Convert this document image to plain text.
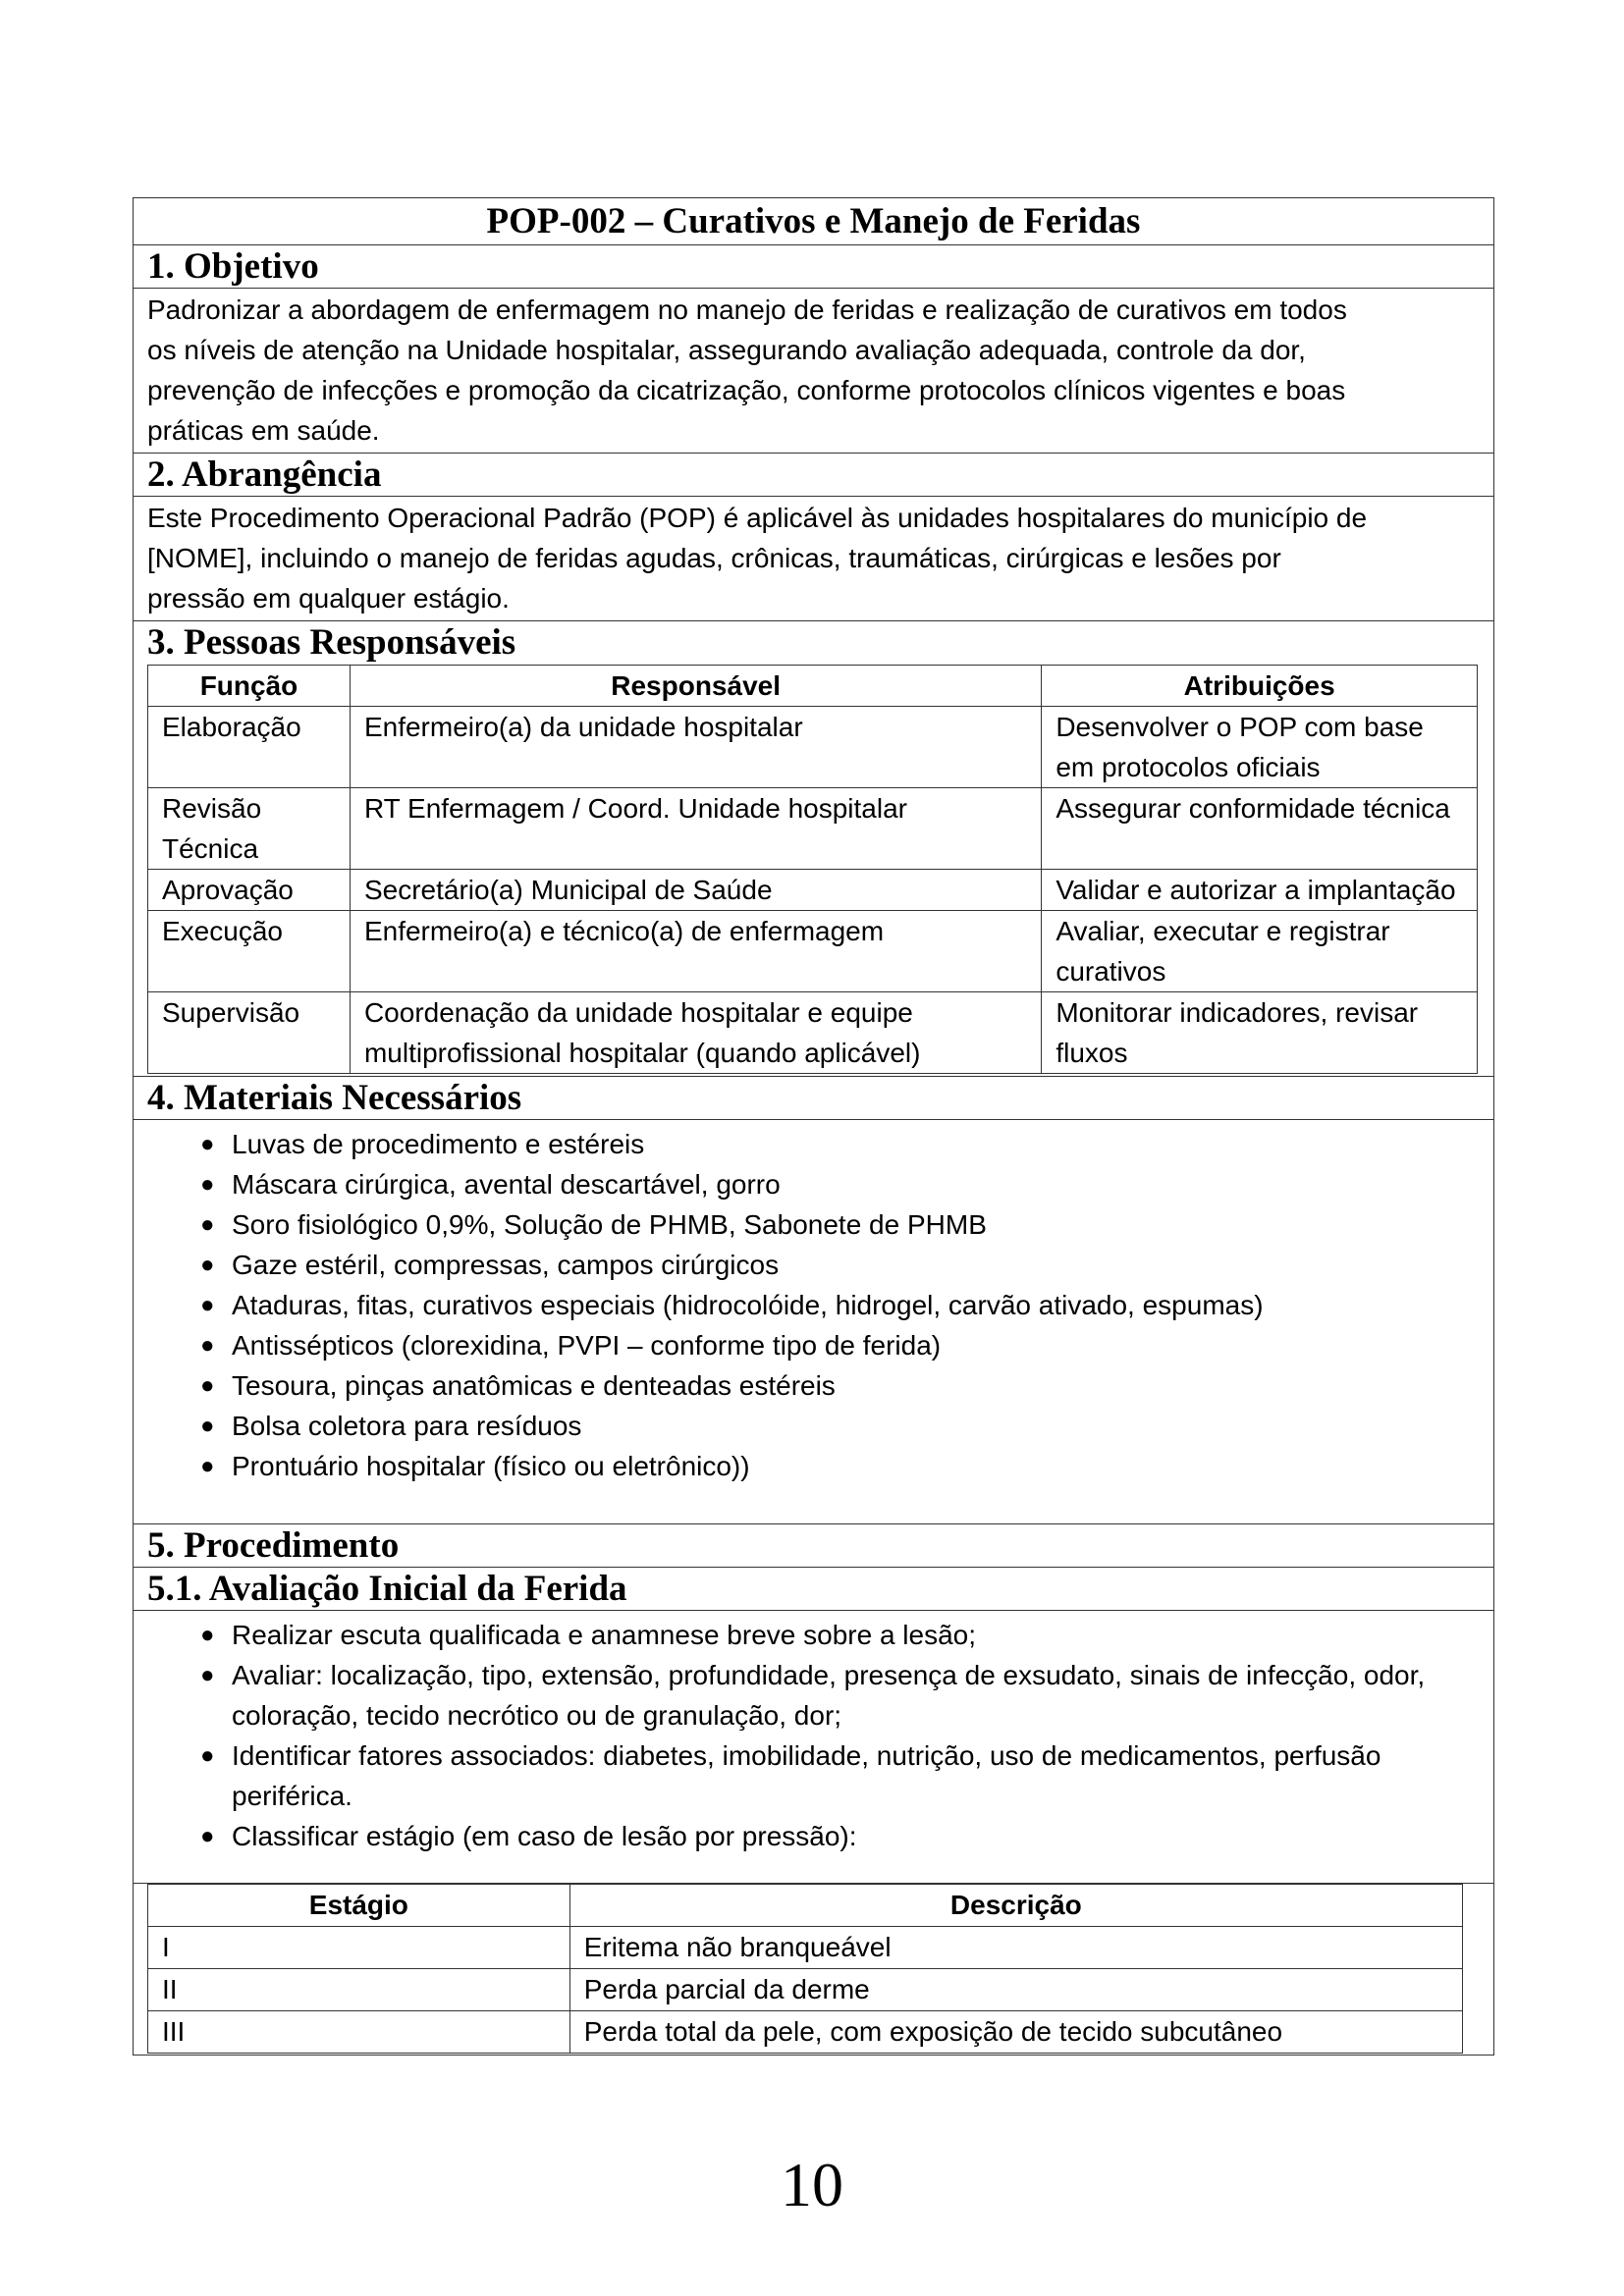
POP-002 – Curativos e Manejo de Feridas
1. Objetivo
Padronizar a abordagem de enfermagem no manejo de feridas e realização de curativos em todos
os níveis de atenção na Unidade hospitalar, assegurando avaliação adequada, controle da dor,
prevenção de infecções e promoção da cicatrização, conforme protocolos clínicos vigentes e boas
práticas em saúde.
2. Abrangência
Este Procedimento Operacional Padrão (POP) é aplicável às unidades hospitalares do município de
[NOME], incluindo o manejo de feridas agudas, crônicas, traumáticas, cirúrgicas e lesões por
pressão em qualquer estágio.
3. Pessoas Responsáveis
Função	Responsável	Atribuições
Elaboração	Enfermeiro(a) da unidade hospitalar	Desenvolver o POP com base em protocolos oficiais
Revisão Técnica	RT Enfermagem / Coord. Unidade hospitalar	Assegurar conformidade técnica
Aprovação	Secretário(a) Municipal de Saúde	Validar e autorizar a implantação
Execução	Enfermeiro(a) e técnico(a) de enfermagem	Avaliar, executar e registrar curativos
Supervisão	Coordenação da unidade hospitalar e equipe multiprofissional hospitalar (quando aplicável)	Monitorar indicadores, revisar fluxos
4. Materiais Necessários
● Luvas de procedimento e estéreis
● Máscara cirúrgica, avental descartável, gorro
● Soro fisiológico 0,9%, Solução de PHMB, Sabonete de PHMB
● Gaze estéril, compressas, campos cirúrgicos
● Ataduras, fitas, curativos especiais (hidrocolóide, hidrogel, carvão ativado, espumas)
● Antissépticos (clorexidina, PVPI – conforme tipo de ferida)
● Tesoura, pinças anatômicas e denteadas estéreis
● Bolsa coletora para resíduos
● Prontuário hospitalar (físico ou eletrônico))
5. Procedimento
5.1. Avaliação Inicial da Ferida
● Realizar escuta qualificada e anamnese breve sobre a lesão;
● Avaliar: localização, tipo, extensão, profundidade, presença de exsudato, sinais de infecção, odor, coloração, tecido necrótico ou de granulação, dor;
● Identificar fatores associados: diabetes, imobilidade, nutrição, uso de medicamentos, perfusão periférica.
● Classificar estágio (em caso de lesão por pressão):
Estágio	Descrição
I	Eritema não branqueável
II	Perda parcial da derme
III	Perda total da pele, com exposição de tecido subcutâneo
10
